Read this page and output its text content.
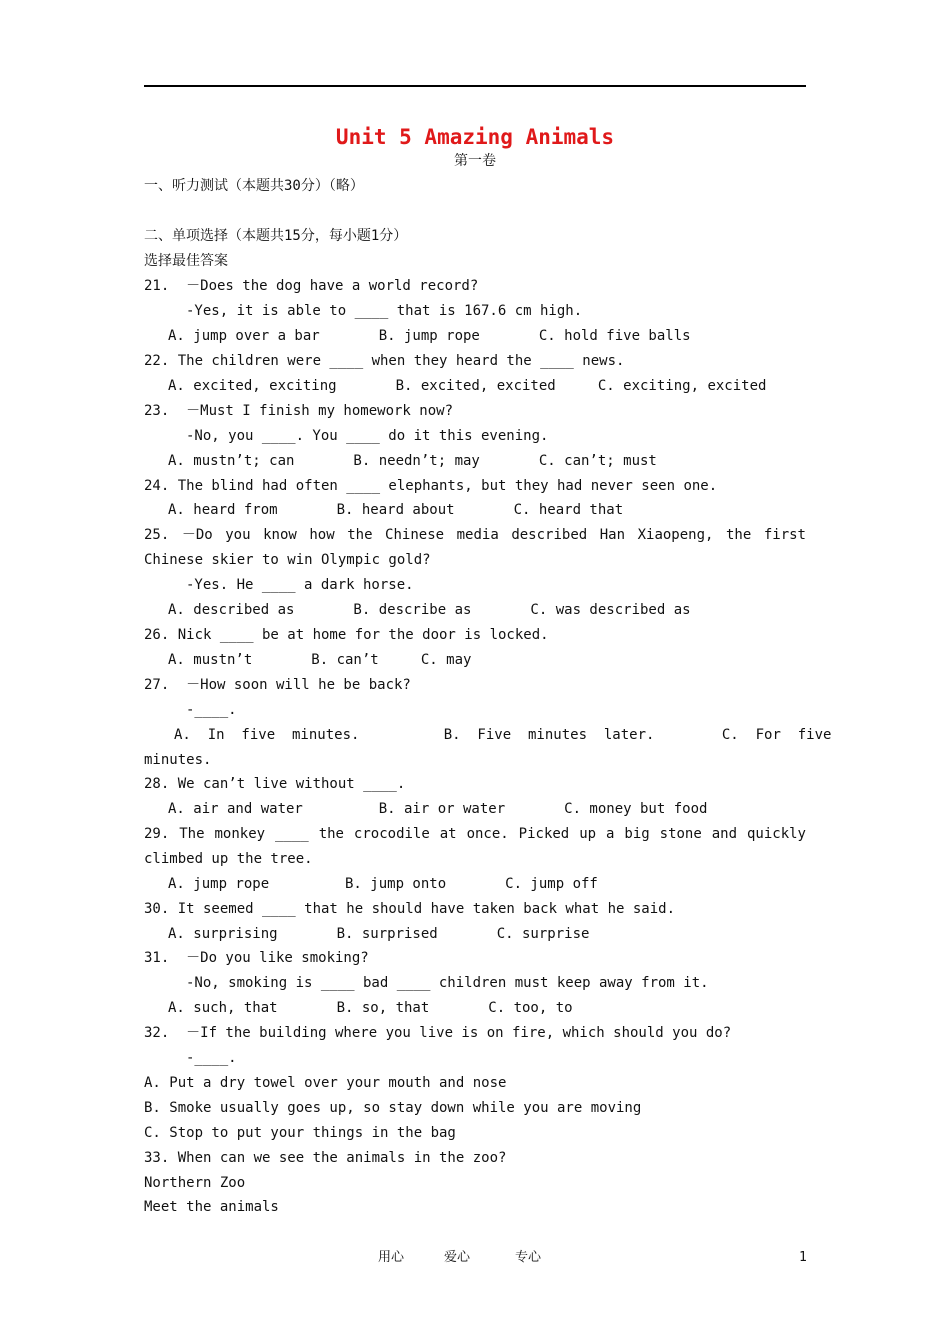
Unit 5 Amazing Animals
第一卷
一、听力测试（本题共30分）（略）
二、单项选择（本题共15分，每小题1分）
选择最佳答案
21.  －Does the dog have a world record?
-Yes, it is able to ____ that is 167.6 cm high.
A. jump over a bar       B. jump rope       C. hold five balls
22. The children were ____ when they heard the ____ news.
A. excited, exciting       B. excited, excited     C. exciting, excited
23.  －Must I finish my homework now?
-No, you ____. You ____ do it this evening.
A. mustn’t; can       B. needn’t; may       C. can’t; must
24. The blind had often ____ elephants, but they had never seen one.
A. heard from       B. heard about       C. heard that
25. －Do you know how the Chinese media described Han Xiaopeng, the first
Chinese skier to win Olympic gold?
-Yes. He ____ a dark horse.
A. described as       B. describe as       C. was described as
26. Nick ____ be at home for the door is locked.
A. mustn’t       B. can’t     C. may
27.  －How soon will he be back?
-____.
A.  In  five  minutes.          B.  Five  minutes  later.        C.  For  five
minutes.
28. We can’t live without ____.
A. air and water         B. air or water       C. money but food
29. The monkey ____ the crocodile at once. Picked up a big stone and quickly
climbed up the tree.
A. jump rope         B. jump onto       C. jump off
30. It seemed ____ that he should have taken back what he said.
A. surprising       B. surprised       C. surprise
31.  －Do you like smoking?
-No, smoking is ____ bad ____ children must keep away from it.
A. such, that       B. so, that       C. too, to
32.  －If the building where you live is on fire, which should you do?
-____.
A. Put a dry towel over your mouth and nose
B. Smoke usually goes up, so stay down while you are moving
C. Stop to put your things in the bag
33. When can we see the animals in the zoo?
Northern Zoo
Meet the animals
用心	爱心	专心	1
